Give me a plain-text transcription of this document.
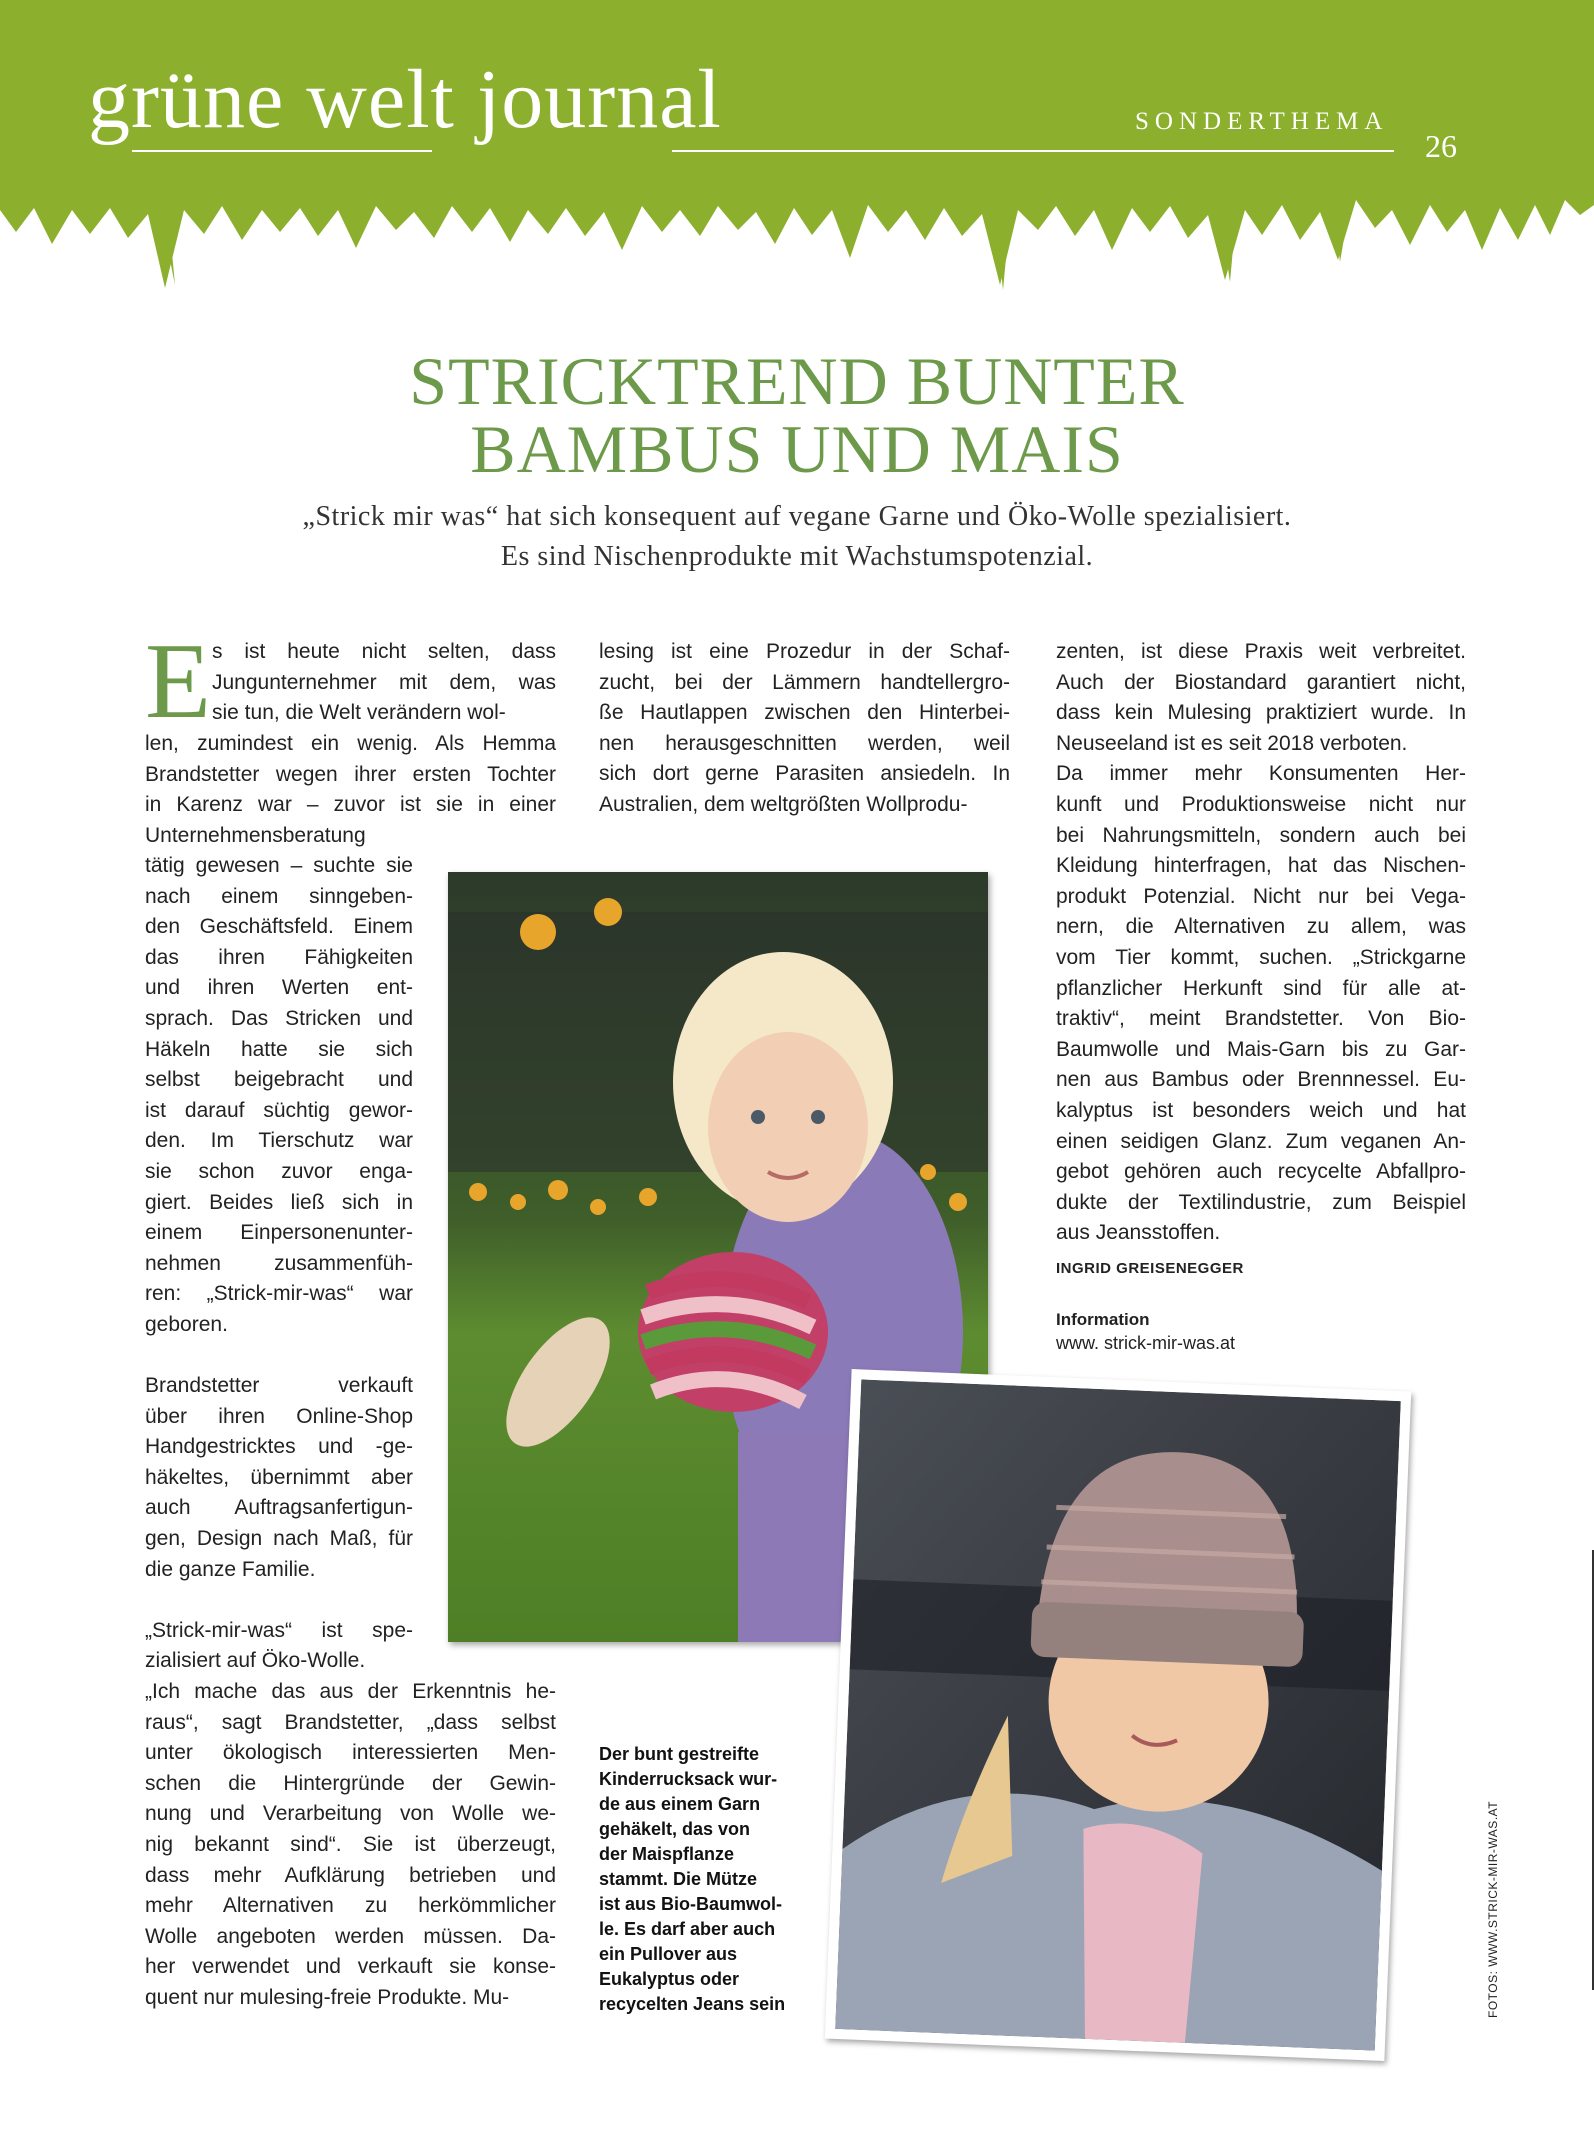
grüne welt journal	SONDERTHEMA
26
STRICKTREND BUNTER
BAMBUS UND MAIS
„Strick mir was“ hat sich konsequent auf vegane Garne und Öko-Wolle spezialisiert.
Es sind Nischenprodukte mit Wachstumspotenzial.
E s ist heute nicht selten, dass

Jungunternehmer mit dem, was

sie tun, die Welt verändern wol-

len, zumindest ein wenig. Als Hemma

Brandstetter wegen ihrer ersten Tochter

in Karenz war – zuvor ist sie in einer

Unternehmensberatung

tätig gewesen – suchte sie

nach einem sinngeben-

den Geschäftsfeld. Einem

das ihren Fähigkeiten

und ihren Werten ent-

sprach. Das Stricken und

Häkeln hatte sie sich

selbst beigebracht und

ist darauf süchtig gewor-

den. Im Tierschutz war

sie schon zuvor enga-

giert. Beides ließ sich in

einem Einpersonenunter-

nehmen zusammenfüh-

ren: „Strick-mir-was“ war

geboren.

Brandstetter verkauft

über ihren Online-Shop

Handgestricktes und -ge-

häkeltes, übernimmt aber

auch Auftragsanfertigun-

gen, Design nach Maß, für

die ganze Familie.

„Strick-mir-was“ ist spe-

zialisiert auf Öko-Wolle.

„Ich mache das aus der Erkenntnis he-

raus“, sagt Brandstetter, „dass selbst

unter ökologisch interessierten Men-

schen die Hintergründe der Gewin-

nung und Verarbeitung von Wolle we-

nig bekannt sind“. Sie ist überzeugt,

dass mehr Aufklärung betrieben und

mehr Alternativen zu herkömmlicher

Wolle angeboten werden müssen. Da-

her verwendet und verkauft sie konse-

quent nur mulesing-freie Produkte. Mu-

lesing ist eine Prozedur in der Schaf-

zucht, bei der Lämmern handtellergro-

ße Hautlappen zwischen den Hinterbei-

nen herausgeschnitten werden, weil

sich dort gerne Parasiten ansiedeln. In

Australien, dem weltgrößten Wollprodu-

zenten, ist diese Praxis weit verbreitet.

Auch der Biostandard garantiert nicht,

dass kein Mulesing praktiziert wurde. In

Neuseeland ist es seit 2018 verboten.

Da immer mehr Konsumenten Her-

kunft und Produktionsweise nicht nur

bei Nahrungsmitteln, sondern auch bei

Kleidung hinterfragen, hat das Nischen-

produkt Potenzial. Nicht nur bei Vega-

nern, die Alternativen zu allem, was

vom Tier kommt, suchen. „Strickgarne

pflanzlicher Herkunft sind für alle at-

traktiv“, meint Brandstetter. Von Bio-

Baumwolle und Mais-Garn bis zu Gar-

nen aus Bambus oder Brennnessel. Eu-

kalyptus ist besonders weich und hat

einen seidigen Glanz. Zum veganen An-

gebot gehören auch recycelte Abfallpro-

dukte der Textilindustrie, zum Beispiel

aus Jeansstoffen.

INGRID GREISENEGGER
Information
www. strick-mir-was.at
Der bunt gestreifte
Kinderrucksack wur-
de aus einem Garn
gehäkelt, das von
der Maispflanze
stammt. Die Mütze
ist aus Bio-Baumwol-
le. Es darf aber auch
ein Pullover aus
Eukalyptus oder
recycelten Jeans sein	FOTOS: WWW.STRICK-MIR-WAS.AT
